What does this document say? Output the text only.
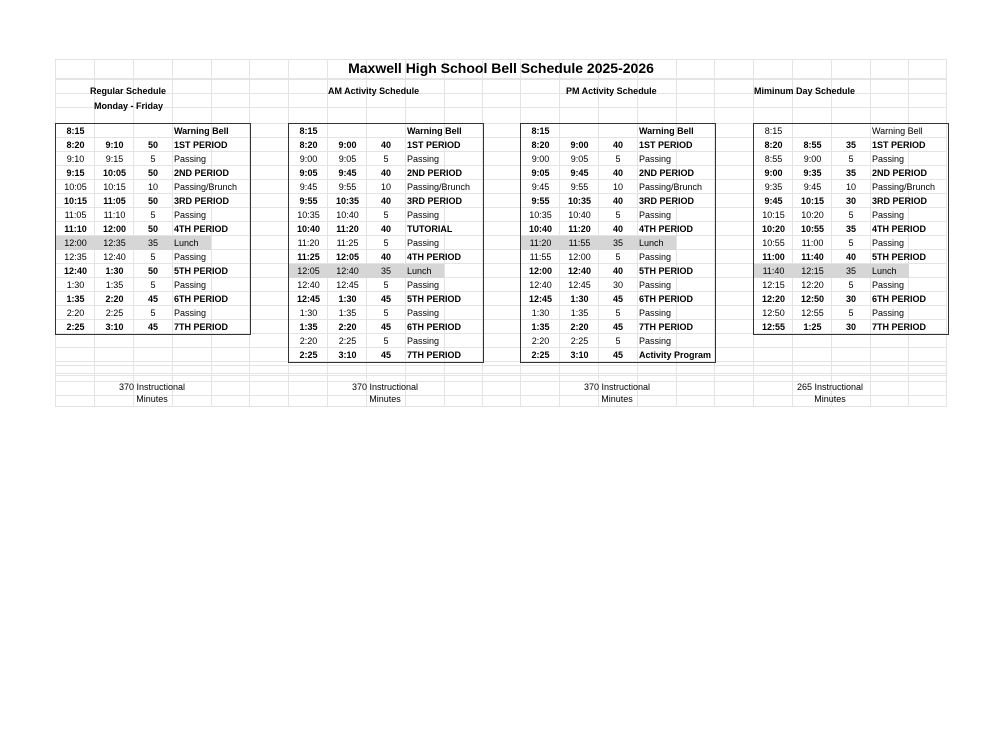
Maxwell High School Bell Schedule 2025-2026
Regular Schedule
Monday - Friday
AM Activity Schedule	PM Activity Schedule	Miminum Day Schedule
8:15	Warning Bell
8:20	9:10	50	1ST PERIOD
9:10	9:15	5	Passing
9:15	10:05	50	2ND PERIOD
10:05	10:15	10	Passing/Brunch
10:15	11:05	50	3RD PERIOD
11:05	11:10	5	Passing
11:10	12:00	50	4TH PERIOD
12:00	12:35	35	Lunch
12:35	12:40	5	Passing
12:40	1:30	50	5TH PERIOD
1:30	1:35	5	Passing
1:35	2:20	45	6TH PERIOD
2:20	2:25	5	Passing
2:25	3:10	45	7TH PERIOD
8:15	Warning Bell
8:20	9:00	40	1ST PERIOD
9:00	9:05	5	Passing
9:05	9:45	40	2ND PERIOD
9:45	9:55	10	Passing/Brunch
9:55	10:35	40	3RD PERIOD
10:35	10:40	5	Passing
10:40	11:20	40	TUTORIAL
11:20	11:25	5	Passing
11:25	12:05	40	4TH PERIOD
12:05	12:40	35	Lunch
12:40	12:45	5	Passing
12:45	1:30	45	5TH PERIOD
1:30	1:35	5	Passing
1:35	2:20	45	6TH PERIOD
2:20	2:25	5	Passing
2:25	3:10	45	7TH PERIOD
8:15	Warning Bell
8:20	9:00	40	1ST PERIOD
9:00	9:05	5	Passing
9:05	9:45	40	2ND PERIOD
9:45	9:55	10	Passing/Brunch
9:55	10:35	40	3RD PERIOD
10:35	10:40	5	Passing
10:40	11:20	40	4TH PERIOD
11:20	11:55	35	Lunch
11:55	12:00	5	Passing
12:00	12:40	40	5TH PERIOD
12:40	12:45	30	Passing
12:45	1:30	45	6TH PERIOD
1:30	1:35	5	Passing
1:35	2:20	45	7TH PERIOD
2:20	2:25	5	Passing
2:25	3:10	45	Activity Program
8:15	Warning Bell
8:20	8:55	35	1ST PERIOD
8:55	9:00	5	Passing
9:00	9:35	35	2ND PERIOD
9:35	9:45	10	Passing/Brunch
9:45	10:15	30	3RD PERIOD
10:15	10:20	5	Passing
10:20	10:55	35	4TH PERIOD
10:55	11:00	5	Passing
11:00	11:40	40	5TH PERIOD
11:40	12:15	35	Lunch
12:15	12:20	5	Passing
12:20	12:50	30	6TH PERIOD
12:50	12:55	5	Passing
12:55	1:25	30	7TH PERIOD
370 Instructional
Minutes
370 Instructional
Minutes
370 Instructional
Minutes
265 Instructional
Minutes
